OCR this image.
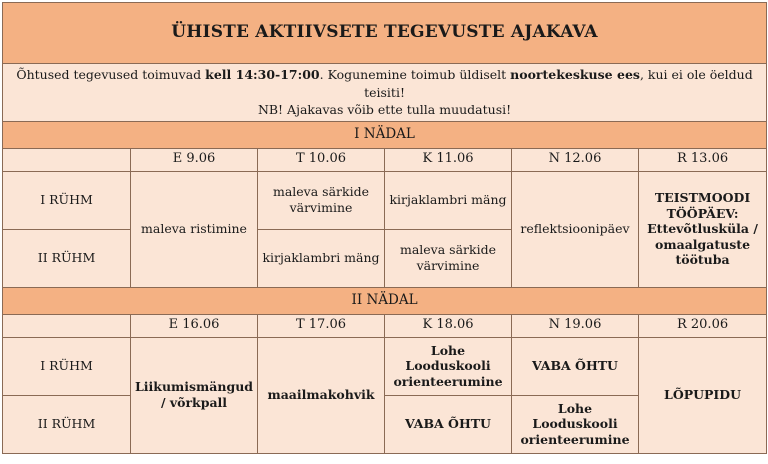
ÜHISTE AKTIIVSETE TEGEVUSTE AJAKAVA					
Õhtused tegevused toimuvad kell 14:30-17:00. Kogunemine toimub üldiselt noortekeskuse ees, kui ei ole öeldud teisiti!
NB! Ajakavas võib ette tulla muudatusi!					
I NÄDAL					
	E 9.06	T 10.06	K 11.06	N 12.06	R 13.06
I RÜHM	maleva ristimine	maleva särkide värvimine	kirjaklambri mäng	reflektsioonipäev	TEISTMOODI TÖÖPÄEV: Ettevõtlusküla / omaalgatuste töötuba
II RÜHM		kirjaklambri mäng	maleva särkide värvimine		
II NÄDAL					
	E 16.06	T 17.06	K 18.06	N 19.06	R 20.06
I RÜHM	Liikumismängud / võrkpall	maailmakohvik	Lohe Looduskooli orienteerumine	VABA ÕHTU	LÕPUPIDU
II RÜHM			VABA ÕHTU	Lohe Looduskooli orienteerumine	
